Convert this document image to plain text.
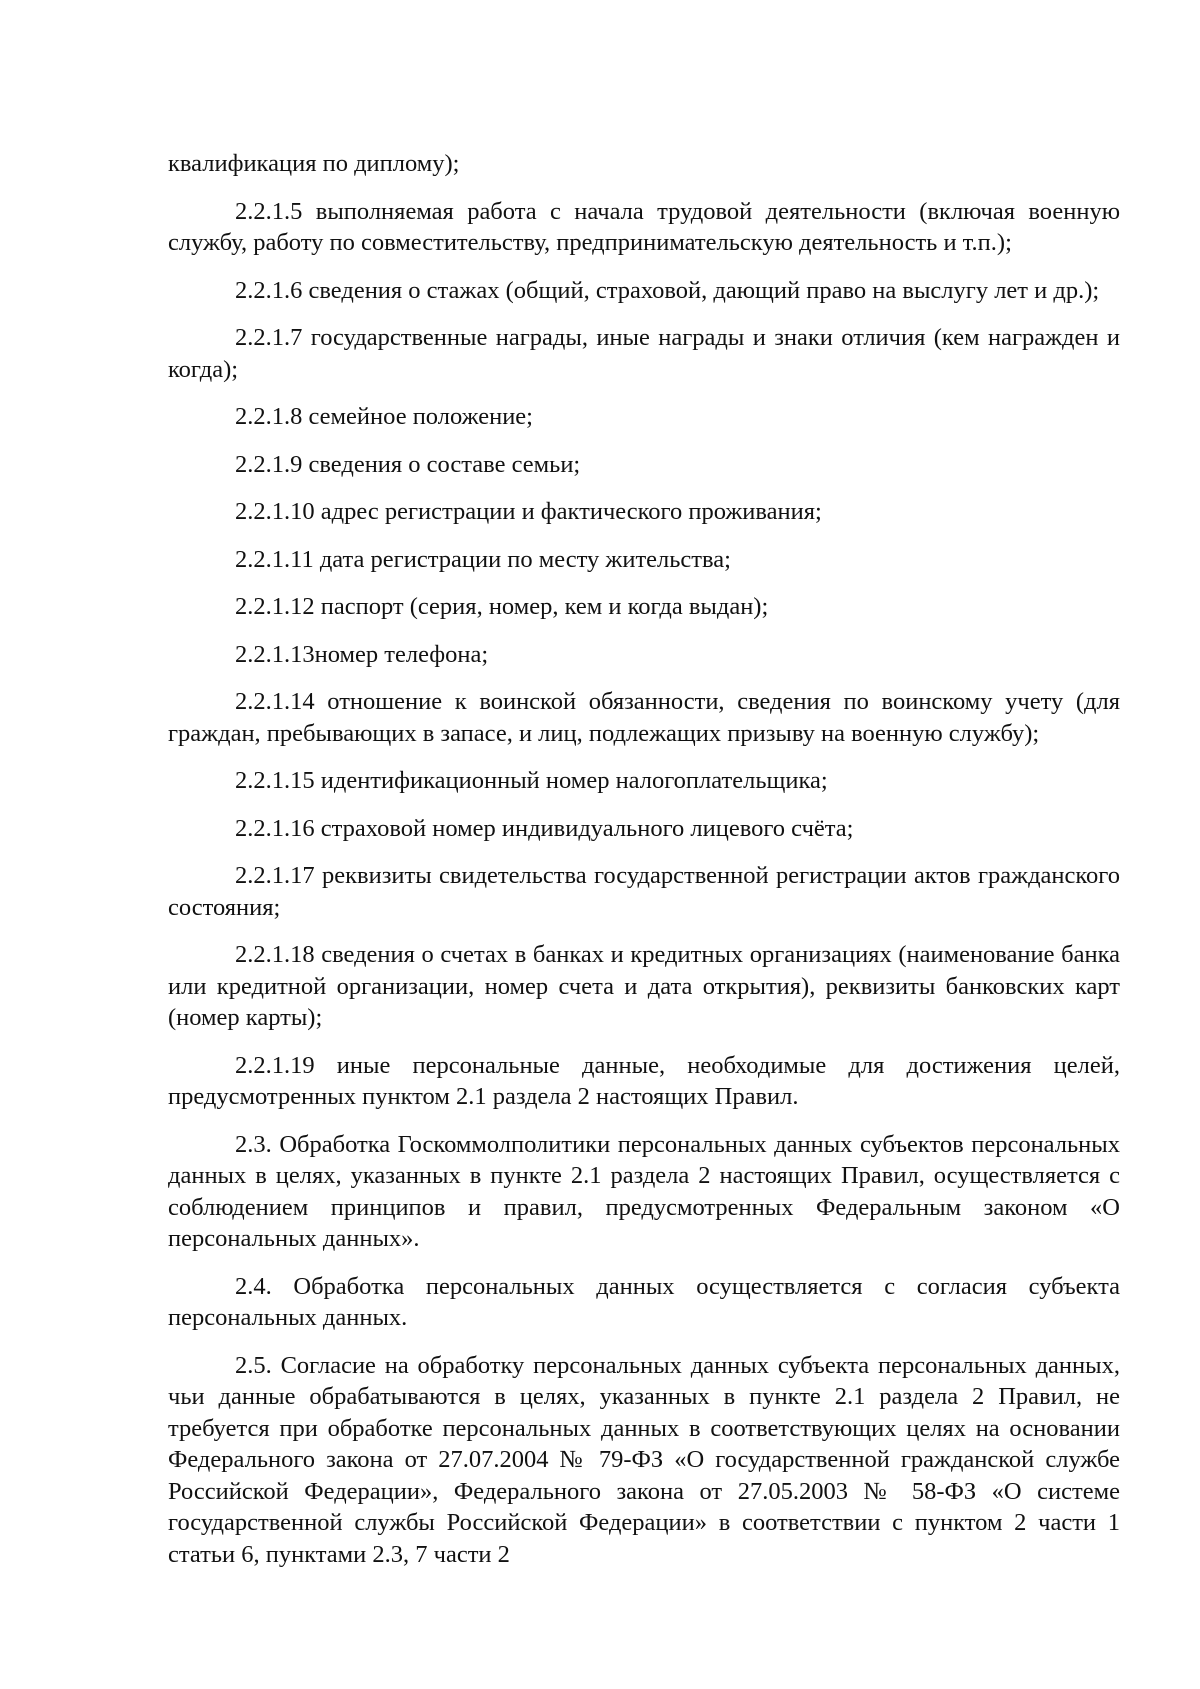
квалификация по диплому);

2.2.1.5 выполняемая работа с начала трудовой деятельности (включая военную службу, работу по совместительству, предпринимательскую деятельность и т.п.);

2.2.1.6 сведения о стажах (общий, страховой, дающий право на выслугу лет и др.);

2.2.1.7 государственные награды, иные награды и знаки отличия (кем награжден и когда);

2.2.1.8 семейное положение;

2.2.1.9 сведения о составе семьи;

2.2.1.10 адрес регистрации и фактического проживания;

2.2.1.11 дата регистрации по месту жительства;

2.2.1.12 паспорт (серия, номер, кем и когда выдан);

2.2.1.13номер телефона;

2.2.1.14 отношение к воинской обязанности, сведения по воинскому учету (для граждан, пребывающих в запасе, и лиц, подлежащих призыву на военную службу);

2.2.1.15 идентификационный номер налогоплательщика;

2.2.1.16 страховой номер индивидуального лицевого счёта;

2.2.1.17 реквизиты свидетельства государственной регистрации актов гражданского состояния;

2.2.1.18 сведения о счетах в банках и кредитных организациях (наименование банка или кредитной организации, номер счета и дата открытия), реквизиты банковских карт (номер карты);

2.2.1.19 иные персональные данные, необходимые для достижения целей, предусмотренных пунктом 2.1 раздела 2 настоящих Правил.

2.3. Обработка Госкоммолполитики персональных данных субъектов персональных данных в целях, указанных в пункте 2.1 раздела 2 настоящих Правил, осуществляется с соблюдением принципов и правил, предусмотренных Федеральным законом «О персональных данных».

2.4. Обработка персональных данных осуществляется с согласия субъекта персональных данных.

2.5. Согласие на обработку персональных данных субъекта персональных данных, чьи данные обрабатываются в целях, указанных в пункте 2.1 раздела 2 Правил, не требуется при обработке персональных данных в соответствующих целях на основании Федерального закона от 27.07.2004 № 79-ФЗ «О государственной гражданской службе Российской Федерации», Федерального закона от 27.05.2003 № 58-ФЗ «О системе государственной службы Российской Федерации» в соответствии с пунктом 2 части 1 статьи 6, пунктами 2.3, 7 части 2
